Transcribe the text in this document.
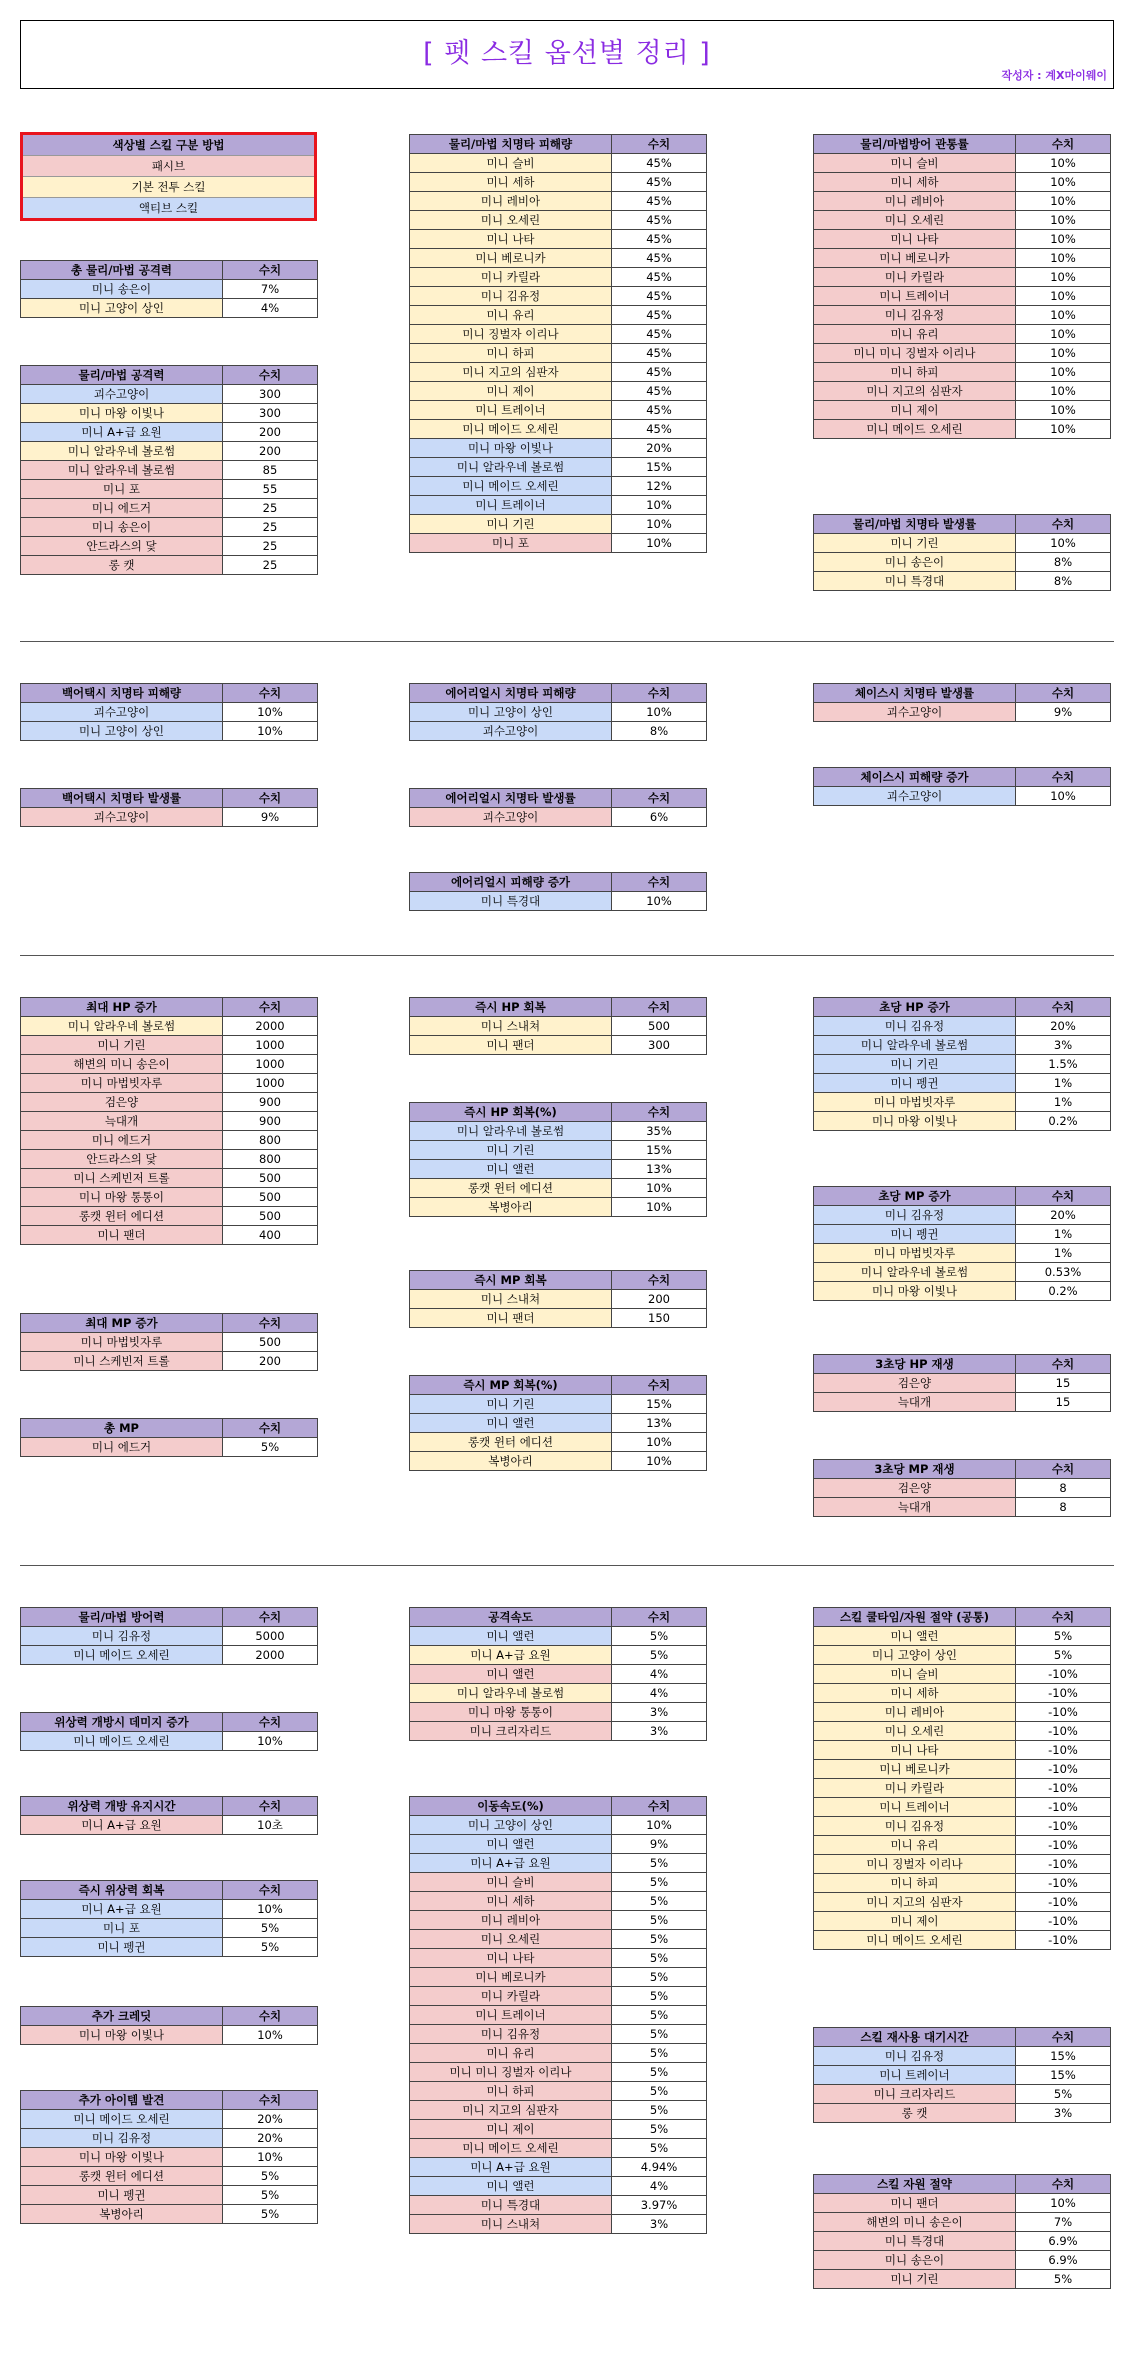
[ 펫 스킬 옵션별 정리 ]
작성자 : 계X마이웨이
색상별 스킬 구분 방법
패시브
기본 전투 스킬
액티브 스킬
총 물리/마법 공격력	수치
미니 송은이	7%
미니 고양이 상인	4%
물리/마법 공격력	수치
괴수고양이	300
미니 마왕 이빛나	300
미니 A+급 요원	200
미니 알라우네 볼로썸	200
미니 알라우네 볼로썸	85
미니 포	55
미니 에드거	25
미니 송은이	25
안드라스의 닻	25
롱 캣	25
물리/마법 치명타 피해량	수치
미니 슬비	45%
미니 세하	45%
미니 레비아	45%
미니 오세린	45%
미니 나타	45%
미니 베로니카	45%
미니 카릴라	45%
미니 김유정	45%
미니 유리	45%
미니 징벌자 이리나	45%
미니 하피	45%
미니 지고의 심판자	45%
미니 제이	45%
미니 트레이너	45%
미니 메이드 오세린	45%
미니 마왕 이빛나	20%
미니 알라우네 볼로썸	15%
미니 메이드 오세린	12%
미니 트레이너	10%
미니 기린	10%
미니 포	10%
물리/마법방어 관통률	수치
미니 슬비	10%
미니 세하	10%
미니 레비아	10%
미니 오세린	10%
미니 나타	10%
미니 베로니카	10%
미니 카릴라	10%
미니 트레이너	10%
미니 김유정	10%
미니 유리	10%
미니 미니 징벌자 이리나	10%
미니 하피	10%
미니 지고의 심판자	10%
미니 제이	10%
미니 메이드 오세린	10%
물리/마법 치명타 발생률	수치
미니 기린	10%
미니 송은이	8%
미니 특경대	8%
백어택시 치명타 피해량	수치
괴수고양이	10%
미니 고양이 상인	10%
백어택시 치명타 발생률	수치
괴수고양이	9%
에어리얼시 치명타 피해량	수치
미니 고양이 상인	10%
괴수고양이	8%
에어리얼시 치명타 발생률	수치
괴수고양이	6%
에어리얼시 피해량 증가	수치
미니 특경대	10%
체이스시 치명타 발생률	수치
괴수고양이	9%
체이스시 피해량 증가	수치
괴수고양이	10%
최대 HP 증가	수치
미니 알라우네 볼로썸	2000
미니 기린	1000
해변의 미니 송은이	1000
미니 마법빗자루	1000
검은양	900
늑대개	900
미니 에드거	800
안드라스의 닻	800
미니 스케빈저 트롤	500
미니 마왕 통통이	500
롱캣 윈터 에디션	500
미니 팬더	400
최대 MP 증가	수치
미니 마법빗자루	500
미니 스케빈저 트롤	200
총 MP	수치
미니 에드거	5%
즉시 HP 회복	수치
미니 스내쳐	500
미니 팬더	300
즉시 HP 회복(%)	수치
미니 알라우네 볼로썸	35%
미니 기린	15%
미니 앨런	13%
롱캣 윈터 에디션	10%
복병아리	10%
즉시 MP 회복	수치
미니 스내쳐	200
미니 팬더	150
즉시 MP 회복(%)	수치
미니 기린	15%
미니 앨런	13%
롱캣 윈터 에디션	10%
복병아리	10%
초당 HP 증가	수치
미니 김유정	20%
미니 알라우네 볼로썸	3%
미니 기린	1.5%
미니 펭귄	1%
미니 마법빗자루	1%
미니 마왕 이빛나	0.2%
초당 MP 증가	수치
미니 김유정	20%
미니 펭귄	1%
미니 마법빗자루	1%
미니 알라우네 볼로썸	0.53%
미니 마왕 이빛나	0.2%
3초당 HP 재생	수치
검은양	15
늑대개	15
3초당 MP 재생	수치
검은양	8
늑대개	8
물리/마법 방어력	수치
미니 김유정	5000
미니 메이드 오세린	2000
위상력 개방시 데미지 증가	수치
미니 메이드 오세린	10%
위상력 개방 유지시간	수치
미니 A+급 요원	10초
즉시 위상력 회복	수치
미니 A+급 요원	10%
미니 포	5%
미니 펭귄	5%
추가 크레딧	수치
미니 마왕 이빛나	10%
추가 아이템 발견	수치
미니 메이드 오세린	20%
미니 김유정	20%
미니 마왕 이빛나	10%
롱캣 윈터 에디션	5%
미니 펭귄	5%
복병아리	5%
공격속도	수치
미니 앨런	5%
미니 A+급 요원	5%
미니 앨런	4%
미니 알라우네 볼로썸	4%
미니 마왕 통통이	3%
미니 크리자리드	3%
이동속도(%)	수치
미니 고양이 상인	10%
미니 앨런	9%
미니 A+급 요원	5%
미니 슬비	5%
미니 세하	5%
미니 레비아	5%
미니 오세린	5%
미니 나타	5%
미니 베로니카	5%
미니 카릴라	5%
미니 트레이너	5%
미니 김유정	5%
미니 유리	5%
미니 미니 징벌자 이리나	5%
미니 하피	5%
미니 지고의 심판자	5%
미니 제이	5%
미니 메이드 오세린	5%
미니 A+급 요원	4.94%
미니 앨런	4%
미니 특경대	3.97%
미니 스내쳐	3%
스킬 쿨타임/자원 절약 (공통)	수치
미니 앨런	5%
미니 고양이 상인	5%
미니 슬비	-10%
미니 세하	-10%
미니 레비아	-10%
미니 오세린	-10%
미니 나타	-10%
미니 베로니카	-10%
미니 카릴라	-10%
미니 트레이너	-10%
미니 김유정	-10%
미니 유리	-10%
미니 징벌자 이리나	-10%
미니 하피	-10%
미니 지고의 심판자	-10%
미니 제이	-10%
미니 메이드 오세린	-10%
스킬 재사용 대기시간	수치
미니 김유정	15%
미니 트레이너	15%
미니 크리자리드	5%
롱 캣	3%
스킬 자원 절약	수치
미니 팬더	10%
해변의 미니 송은이	7%
미니 특경대	6.9%
미니 송은이	6.9%
미니 기린	5%
